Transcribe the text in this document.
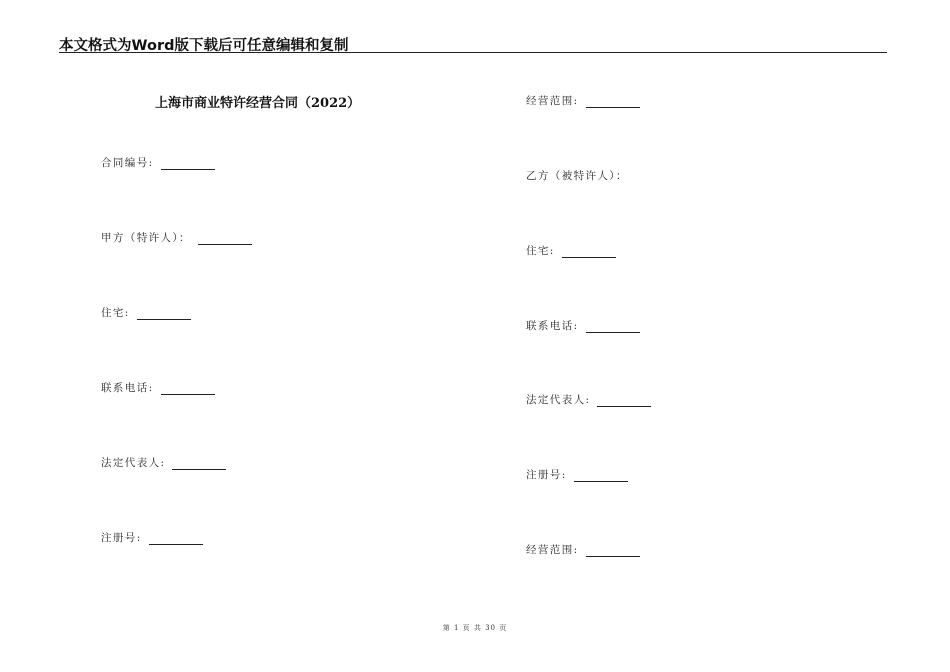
本文格式为Word版下载后可任意编辑和复制
上海市商业特许经营合同（2022）
合同编号:
甲方（特许人）：
住宅:
联系电话:
法定代表人:
注册号:
经营范围:
乙方（被特许人）：
住宅:
联系电话:
法定代表人:
注册号:
经营范围:
第 1 页 共 30 页
